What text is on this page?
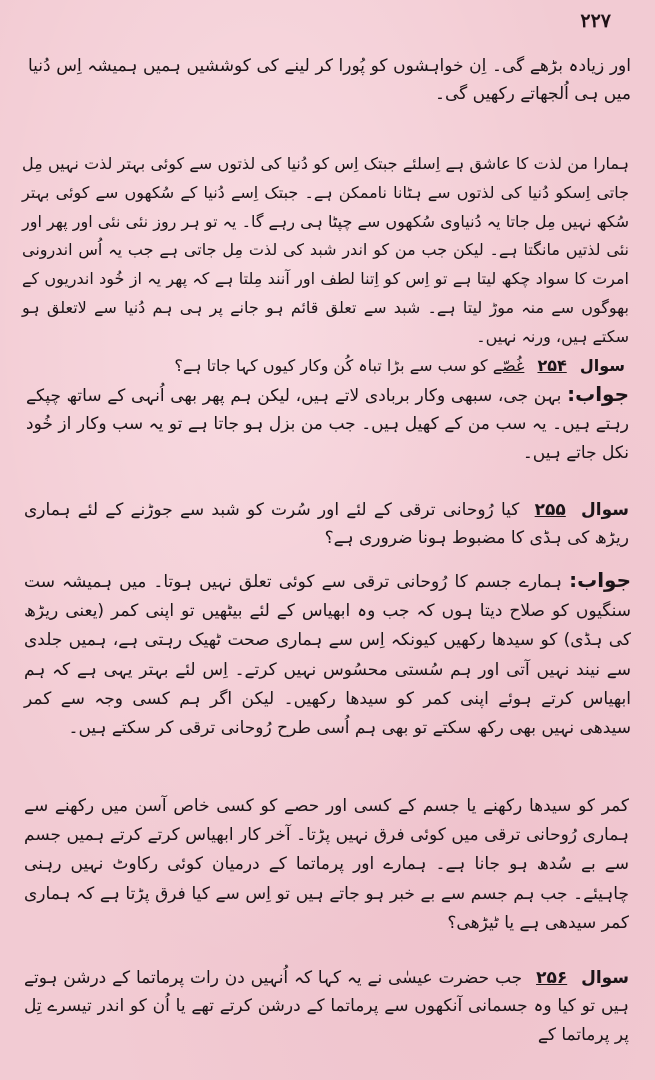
۲۲۷

اور زیادہ بڑھے گی۔ اِن خواہشوں کو پُورا کر لینے کی کوششیں ہمیں ہمیشہ اِس دُنیا میں ہی اُلجھاتے رکھیں گی۔

ہمارا من لذت کا عاشق ہے اِسلئے جبتک اِس کو دُنیا کی لذتوں سے کوئی بہتر لذت نہیں مِل جاتی اِسکو دُنیا کی لذتوں سے ہٹانا ناممکن ہے۔ جبتک اِسے دُنیا کے سُکھوں سے کوئی بہتر سُکھ نہیں مِل جاتا یہ دُنیاوی سُکھوں سے چپٹا ہی رہے گا۔ یہ تو ہر روز نئی نئی اور پھر اور نئی لذتیں مانگتا ہے۔ لیکن جب من کو اندر شبد کی لذت مِل جاتی ہے جب یہ اُس اندرونی امرت کا سواد چکھ لیتا ہے تو اِس کو اِتنا لطف اور آنند مِلتا ہے کہ پھر یہ از خُود اندریوں کے بھوگوں سے منہ موڑ لیتا ہے۔ شبد سے تعلق قائم ہو جانے پر ہی ہم دُنیا سے لاتعلق ہو سکتے ہیں، ورنہ نہیں۔

سوال ۲۵۴ غُصّے کو سب سے بڑا تباہ کُن وکار کیوں کہا جاتا ہے؟

جواب: بہن جی، سبھی وکار بربادی لاتے ہیں، لیکن ہم پھر بھی اُنہی کے ساتھ چپکے رہتے ہیں۔ یہ سب من کے کھیل ہیں۔ جب من بزل ہو جاتا ہے تو یہ سب وکار از خُود نکل جاتے ہیں۔

سوال ۲۵۵ کیا رُوحانی ترقی کے لئے اور سُرت کو شبد سے جوڑنے کے لئے ہماری ریڑھ کی ہڈی کا مضبوط ہونا ضروری ہے؟

جواب: ہمارے جسم کا رُوحانی ترقی سے کوئی تعلق نہیں ہوتا۔ میں ہمیشہ ست سنگیوں کو صلاح دیتا ہوں کہ جب وہ ابھیاس کے لئے بیٹھیں تو اپنی کمر (یعنی ریڑھ کی ہڈی) کو سیدھا رکھیں کیونکہ اِس سے ہماری صحت ٹھیک رہتی ہے، ہمیں جلدی سے نیند نہیں آتی اور ہم سُستی محسُوس نہیں کرتے۔ اِس لئے بہتر یہی ہے کہ ہم ابھیاس کرتے ہوئے اپنی کمر کو سیدھا رکھیں۔ لیکن اگر ہم کسی وجہ سے کمر سیدھی نہیں بھی رکھ سکتے تو بھی ہم اُسی طرح رُوحانی ترقی کر سکتے ہیں۔

کمر کو سیدھا رکھنے یا جسم کے کسی اور حصے کو کسی خاص آسن میں رکھنے سے ہماری رُوحانی ترقی میں کوئی فرق نہیں پڑتا۔ آخر کار ابھیاس کرتے کرتے ہمیں جسم سے بے سُدھ ہو جانا ہے۔ ہمارے اور پرماتما کے درمیان کوئی رکاوٹ نہیں رہنی چاہیئے۔ جب ہم جسم سے بے خبر ہو جاتے ہیں تو اِس سے کیا فرق پڑتا ہے کہ ہماری کمر سیدھی ہے یا ٹیڑھی؟

سوال ۲۵۶ جب حضرت عیسٰی نے یہ کہا کہ اُنہیں دن رات پرماتما کے درشن ہوتے ہیں تو کیا وہ جسمانی آنکھوں سے پرماتما کے درشن کرتے تھے یا اُن کو اندر تیسرے تِل پر پرماتما کے
